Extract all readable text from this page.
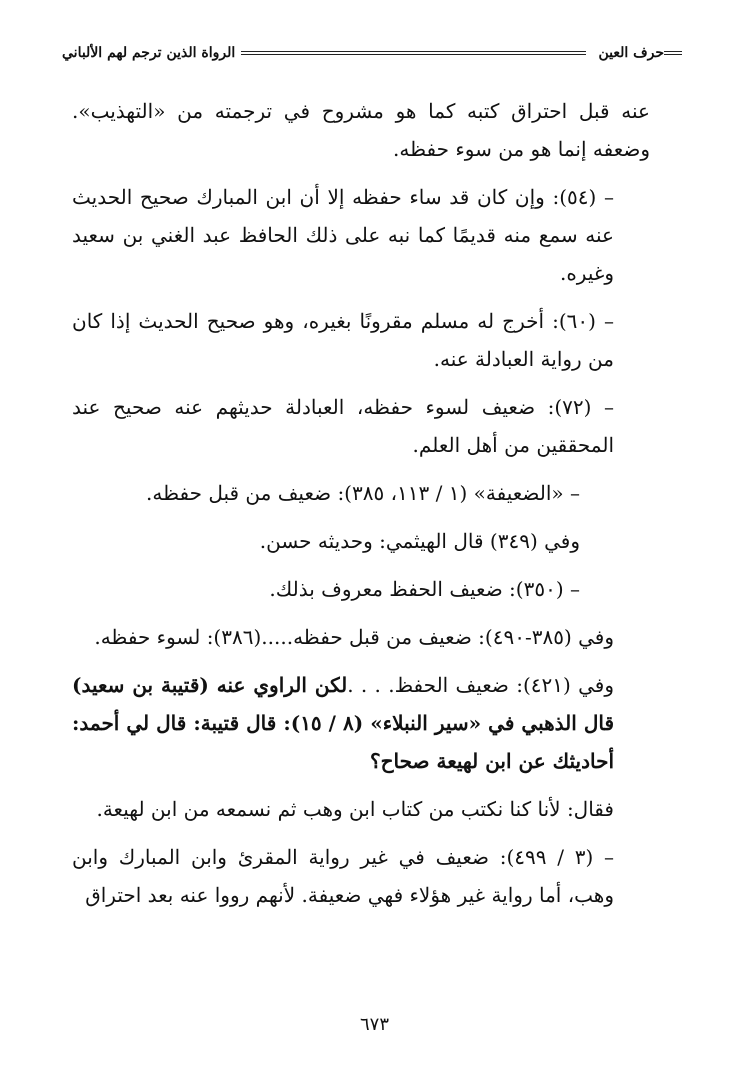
حرف العين
الرواة الذين ترجم لهم الألباني

عنه قبل احتراق كتبه كما هو مشروح في ترجمته من «التهذيب». وضعفه إنما هو من سوء حفظه.

– (٥٤): وإن كان قد ساء حفظه إلا أن ابن المبارك صحيح الحديث عنه سمع منه قديمًا كما نبه على ذلك الحافظ عبد الغني بن سعيد وغيره.

– (٦٠): أخرج له مسلم مقرونًا بغيره، وهو صحيح الحديث إذا كان من رواية العبادلة عنه.

– (٧٢): ضعيف لسوء حفظه، العبادلة حديثهم عنه صحيح عند المحققين من أهل العلم.

– «الضعيفة» (١ / ١١٣، ٣٨٥): ضعيف من قبل حفظه.

وفي (٣٤٩) قال الهيثمي: وحديثه حسن.

– (٣٥٠): ضعيف الحفظ معروف بذلك.

وفي (٣٨٥-٤٩٠): ضعيف من قبل حفظه.....(٣٨٦): لسوء حفظه.

وفي (٤٢١): ضعيف الحفظ. . . .لكن الراوي عنه (قتيبة بن سعيد) قال الذهبي في «سير النبلاء» (٨ / ١٥): قال قتيبة: قال لي أحمد: أحاديثك عن ابن لهيعة صحاح؟

فقال: لأنا كنا نكتب من كتاب ابن وهب ثم نسمعه من ابن لهيعة.

– (٣ / ٤٩٩): ضعيف في غير رواية المقرئ وابن المبارك وابن وهب، أما رواية غير هؤلاء فهي ضعيفة. لأنهم رووا عنه بعد احتراق

٦٧٣
